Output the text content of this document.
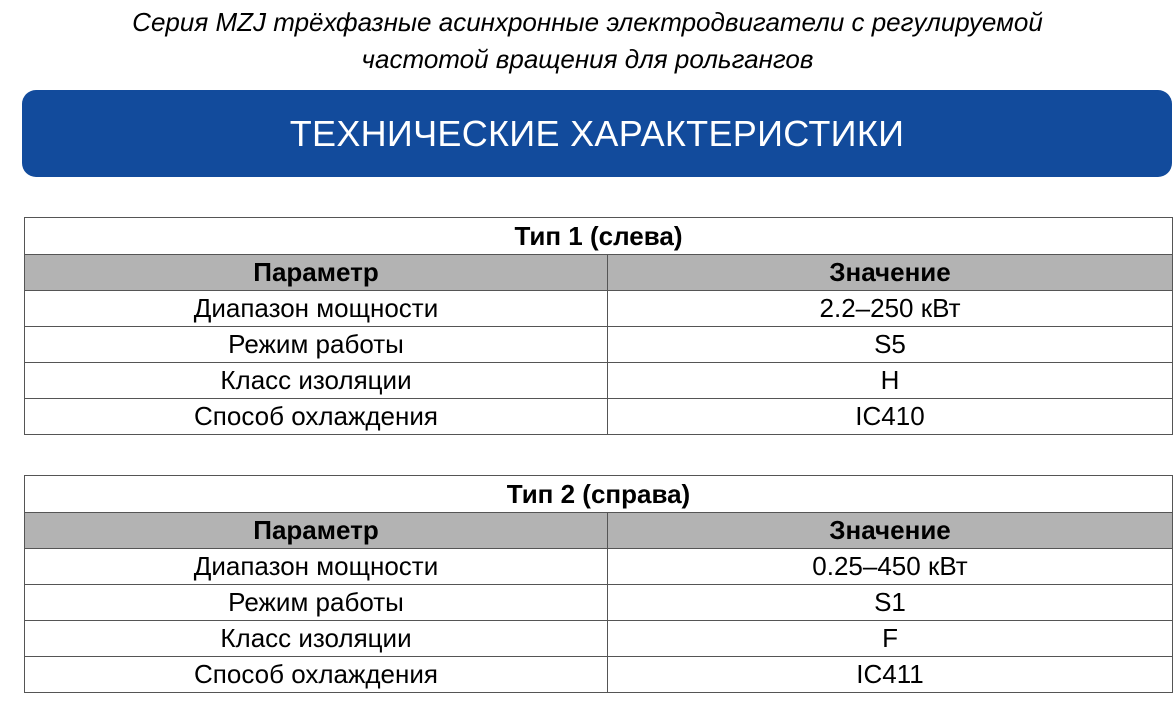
Серия MZJ трёхфазные асинхронные электродвигатели с регулируемой
частотой вращения для рольгангов
ТЕХНИЧЕСКИЕ ХАРАКТЕРИСТИКИ
Тип 1 (слева)	
Параметр	Значение
Диапазон мощности	2.2–250 кВт
Режим работы	S5
Класс изоляции	H
Способ охлаждения	IC410
Тип 2 (справа)	
Параметр	Значение
Диапазон мощности	0.25–450 кВт
Режим работы	S1
Класс изоляции	F
Способ охлаждения	IC411
